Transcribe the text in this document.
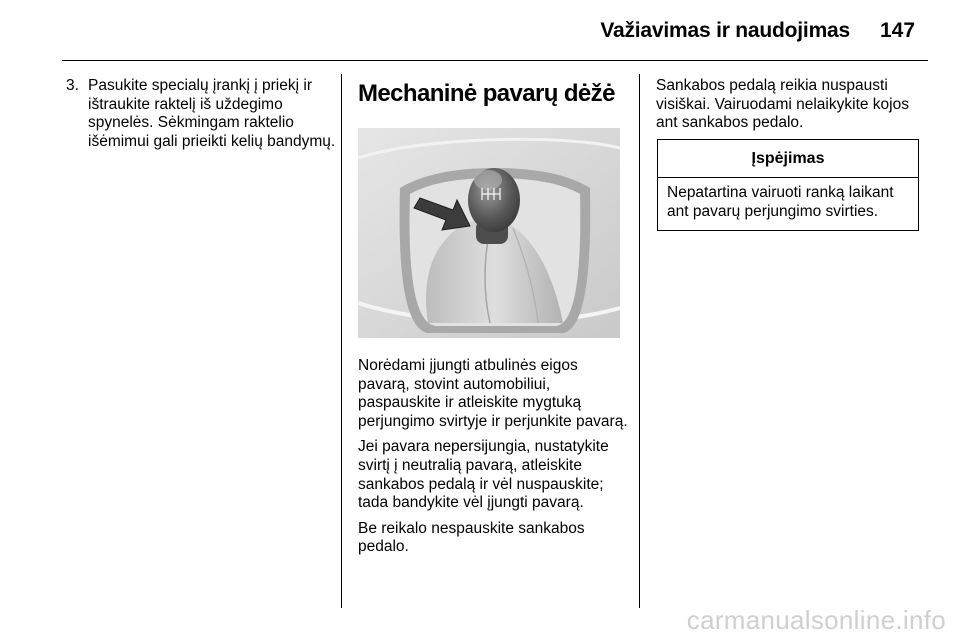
Važiavimas ir naudojimas 147
3. Pasukite specialų įrankį į priekį ir ištraukite raktelį iš uždegimo spynelės. Sėkmingam raktelio išėmimui gali prieikti kelių bandymų.
Mechaninė pavarų dėžė

Norėdami įjungti atbulinės eigos pavarą, stovint automobiliui, paspauskite ir atleiskite mygtuką perjungimo svirtyje ir perjunkite pavarą.

Jei pavara nepersijungia, nustatykite svirtį į neutralią pavarą, atleiskite sankabos pedalą ir vėl nuspauskite; tada bandykite vėl įjungti pavarą.

Be reikalo nespauskite sankabos pedalo.

Sankabos pedalą reikia nuspausti visiškai. Vairuodami nelaikykite kojos ant sankabos pedalo.

Įspėjimas
Nepatartina vairuoti ranką laikant ant pavarų perjungimo svirties.
carmanualsonline.info
